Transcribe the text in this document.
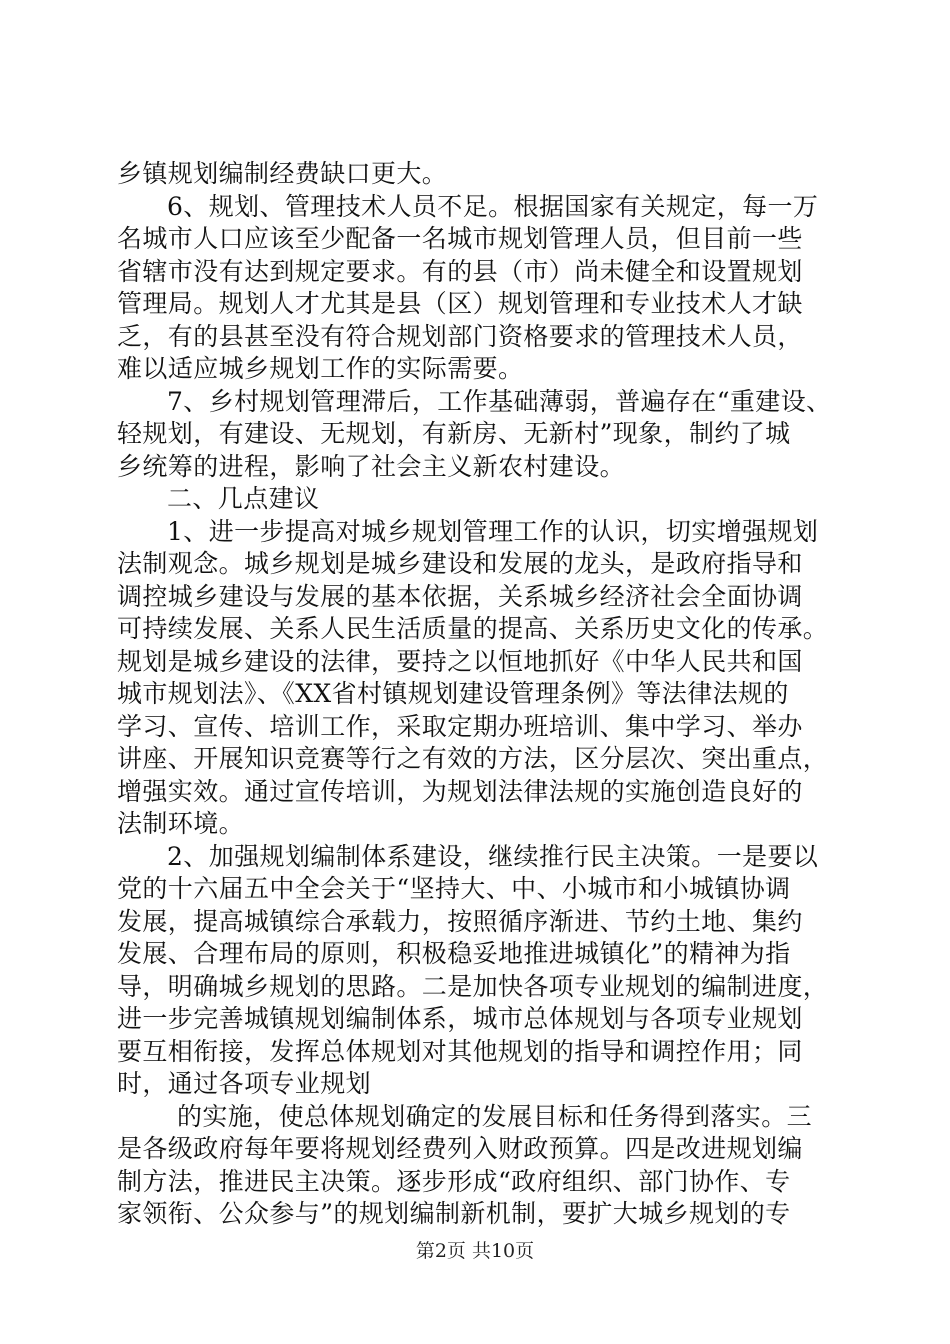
乡镇规划编制经费缺口更大。
6、规划、管理技术人员不足。根据国家有关规定，每一万
名城市人口应该至少配备一名城市规划管理人员，但目前一些
省辖市没有达到规定要求。有的县（市）尚未健全和设置规划
管理局。规划人才尤其是县（区）规划管理和专业技术人才缺
乏，有的县甚至没有符合规划部门资格要求的管理技术人员，
难以适应城乡规划工作的实际需要。
7、乡村规划管理滞后，工作基础薄弱，普遍存在“重建设、
轻规划，有建设、无规划，有新房、无新村”现象，制约了城
乡统筹的进程，影响了社会主义新农村建设。
二、几点建议
1、进一步提高对城乡规划管理工作的认识，切实增强规划
法制观念。城乡规划是城乡建设和发展的龙头，是政府指导和
调控城乡建设与发展的基本依据，关系城乡经济社会全面协调
可持续发展、关系人民生活质量的提高、关系历史文化的传承。
规划是城乡建设的法律，要持之以恒地抓好《中华人民共和国
城市规划法》、《XX省村镇规划建设管理条例》等法律法规的
学习、宣传、培训工作，采取定期办班培训、集中学习、举办
讲座、开展知识竞赛等行之有效的方法，区分层次、突出重点，
增强实效。通过宣传培训，为规划法律法规的实施创造良好的
法制环境。
2、加强规划编制体系建设，继续推行民主决策。一是要以
党的十六届五中全会关于“坚持大、中、小城市和小城镇协调
发展，提高城镇综合承载力，按照循序渐进、节约土地、集约
发展、合理布局的原则，积极稳妥地推进城镇化”的精神为指
导，明确城乡规划的思路。二是加快各项专业规划的编制进度，
进一步完善城镇规划编制体系，城市总体规划与各项专业规划
要互相衔接，发挥总体规划对其他规划的指导和调控作用；同
时，通过各项专业规划
的实施，使总体规划确定的发展目标和任务得到落实。三
是各级政府每年要将规划经费列入财政预算。四是改进规划编
制方法，推进民主决策。逐步形成“政府组织、部门协作、专
家领衔、公众参与”的规划编制新机制，要扩大城乡规划的专
第2页 共10页
